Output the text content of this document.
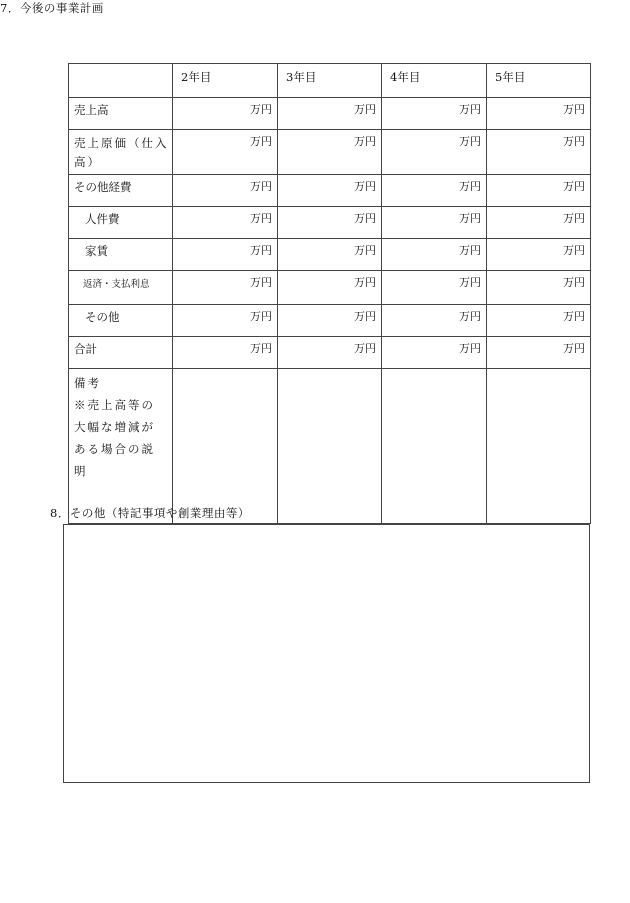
7．今後の事業計画
	2年目	3年目	4年目	5年目
売上高	万円	万円	万円	万円
売上原価（仕入高）	万円	万円	万円	万円
その他経費	万円	万円	万円	万円
人件費	万円	万円	万円	万円
家賃	万円	万円	万円	万円
返済・支払利息	万円	万円	万円	万円
その他	万円	万円	万円	万円
合計	万円	万円	万円	万円
備考
※売上高等の大幅な増減がある場合の説明				
8．その他（特記事項や創業理由等）
